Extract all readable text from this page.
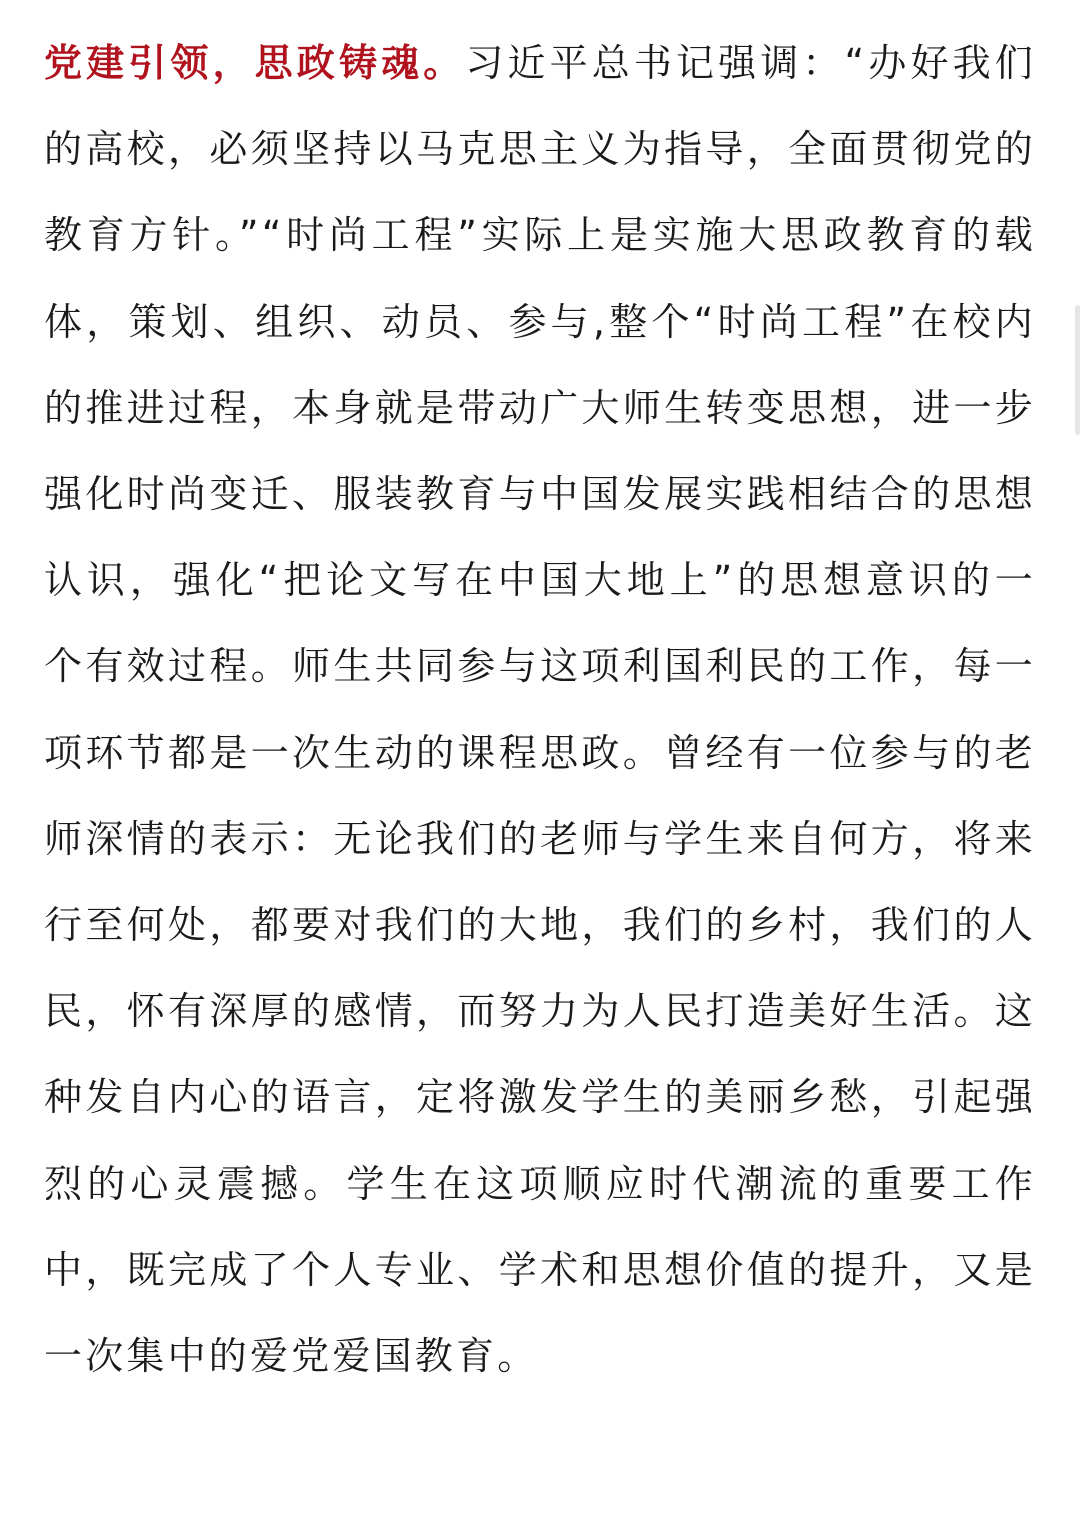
党建引领，思政铸魂。习近平总书记强调：“办好我们的高校，必须坚持以马克思主义为指导，全面贯彻党的教育方针。”“时尚工程”实际上是实施大思政教育的载体，策划、组织、动员、参与,整个“时尚工程”在校内的推进过程，本身就是带动广大师生转变思想，进一步强化时尚变迁、服装教育与中国发展实践相结合的思想认识，强化“把论文写在中国大地上”的思想意识的一个有效过程。师生共同参与这项利国利民的工作，每一项环节都是一次生动的课程思政。曾经有一位参与的老师深情的表示：无论我们的老师与学生来自何方，将来行至何处，都要对我们的大地，我们的乡村，我们的人民，怀有深厚的感情，而努力为人民打造美好生活。这种发自内心的语言，定将激发学生的美丽乡愁，引起强烈的心灵震撼。学生在这项顺应时代潮流的重要工作中，既完成了个人专业、学术和思想价值的提升，又是一次集中的爱党爱国教育。
